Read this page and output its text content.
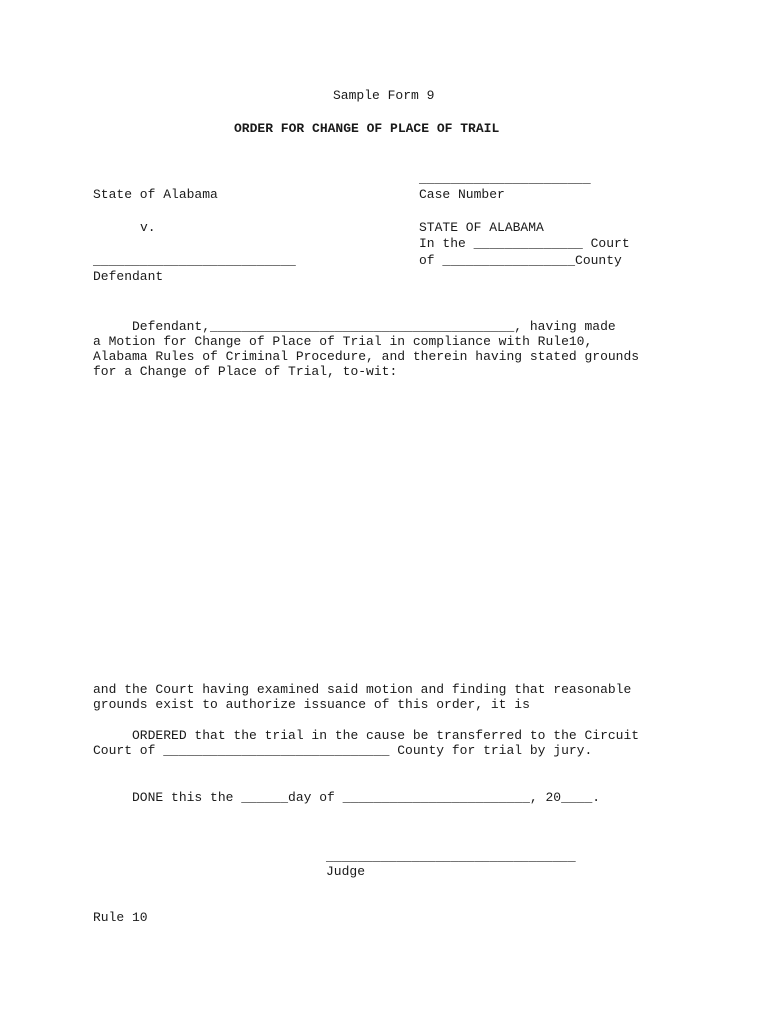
Sample Form 9
ORDER FOR CHANGE OF PLACE OF TRAIL
______________________
State of Alabama	Case Number
v.	STATE OF ALABAMA
In the ______________ Court
__________________________	of _________________County
Defendant
Defendant,_______________________________________, having made
a Motion for Change of Place of Trial in compliance with Rule10,
Alabama Rules of Criminal Procedure, and therein having stated grounds
for a Change of Place of Trial, to-wit:
and the Court having examined said motion and finding that reasonable
grounds exist to authorize issuance of this order, it is
ORDERED that the trial in the cause be transferred to the Circuit
Court of _____________________________ County for trial by jury.
DONE this the ______day of ________________________, 20____.
________________________________
Judge
Rule 10
